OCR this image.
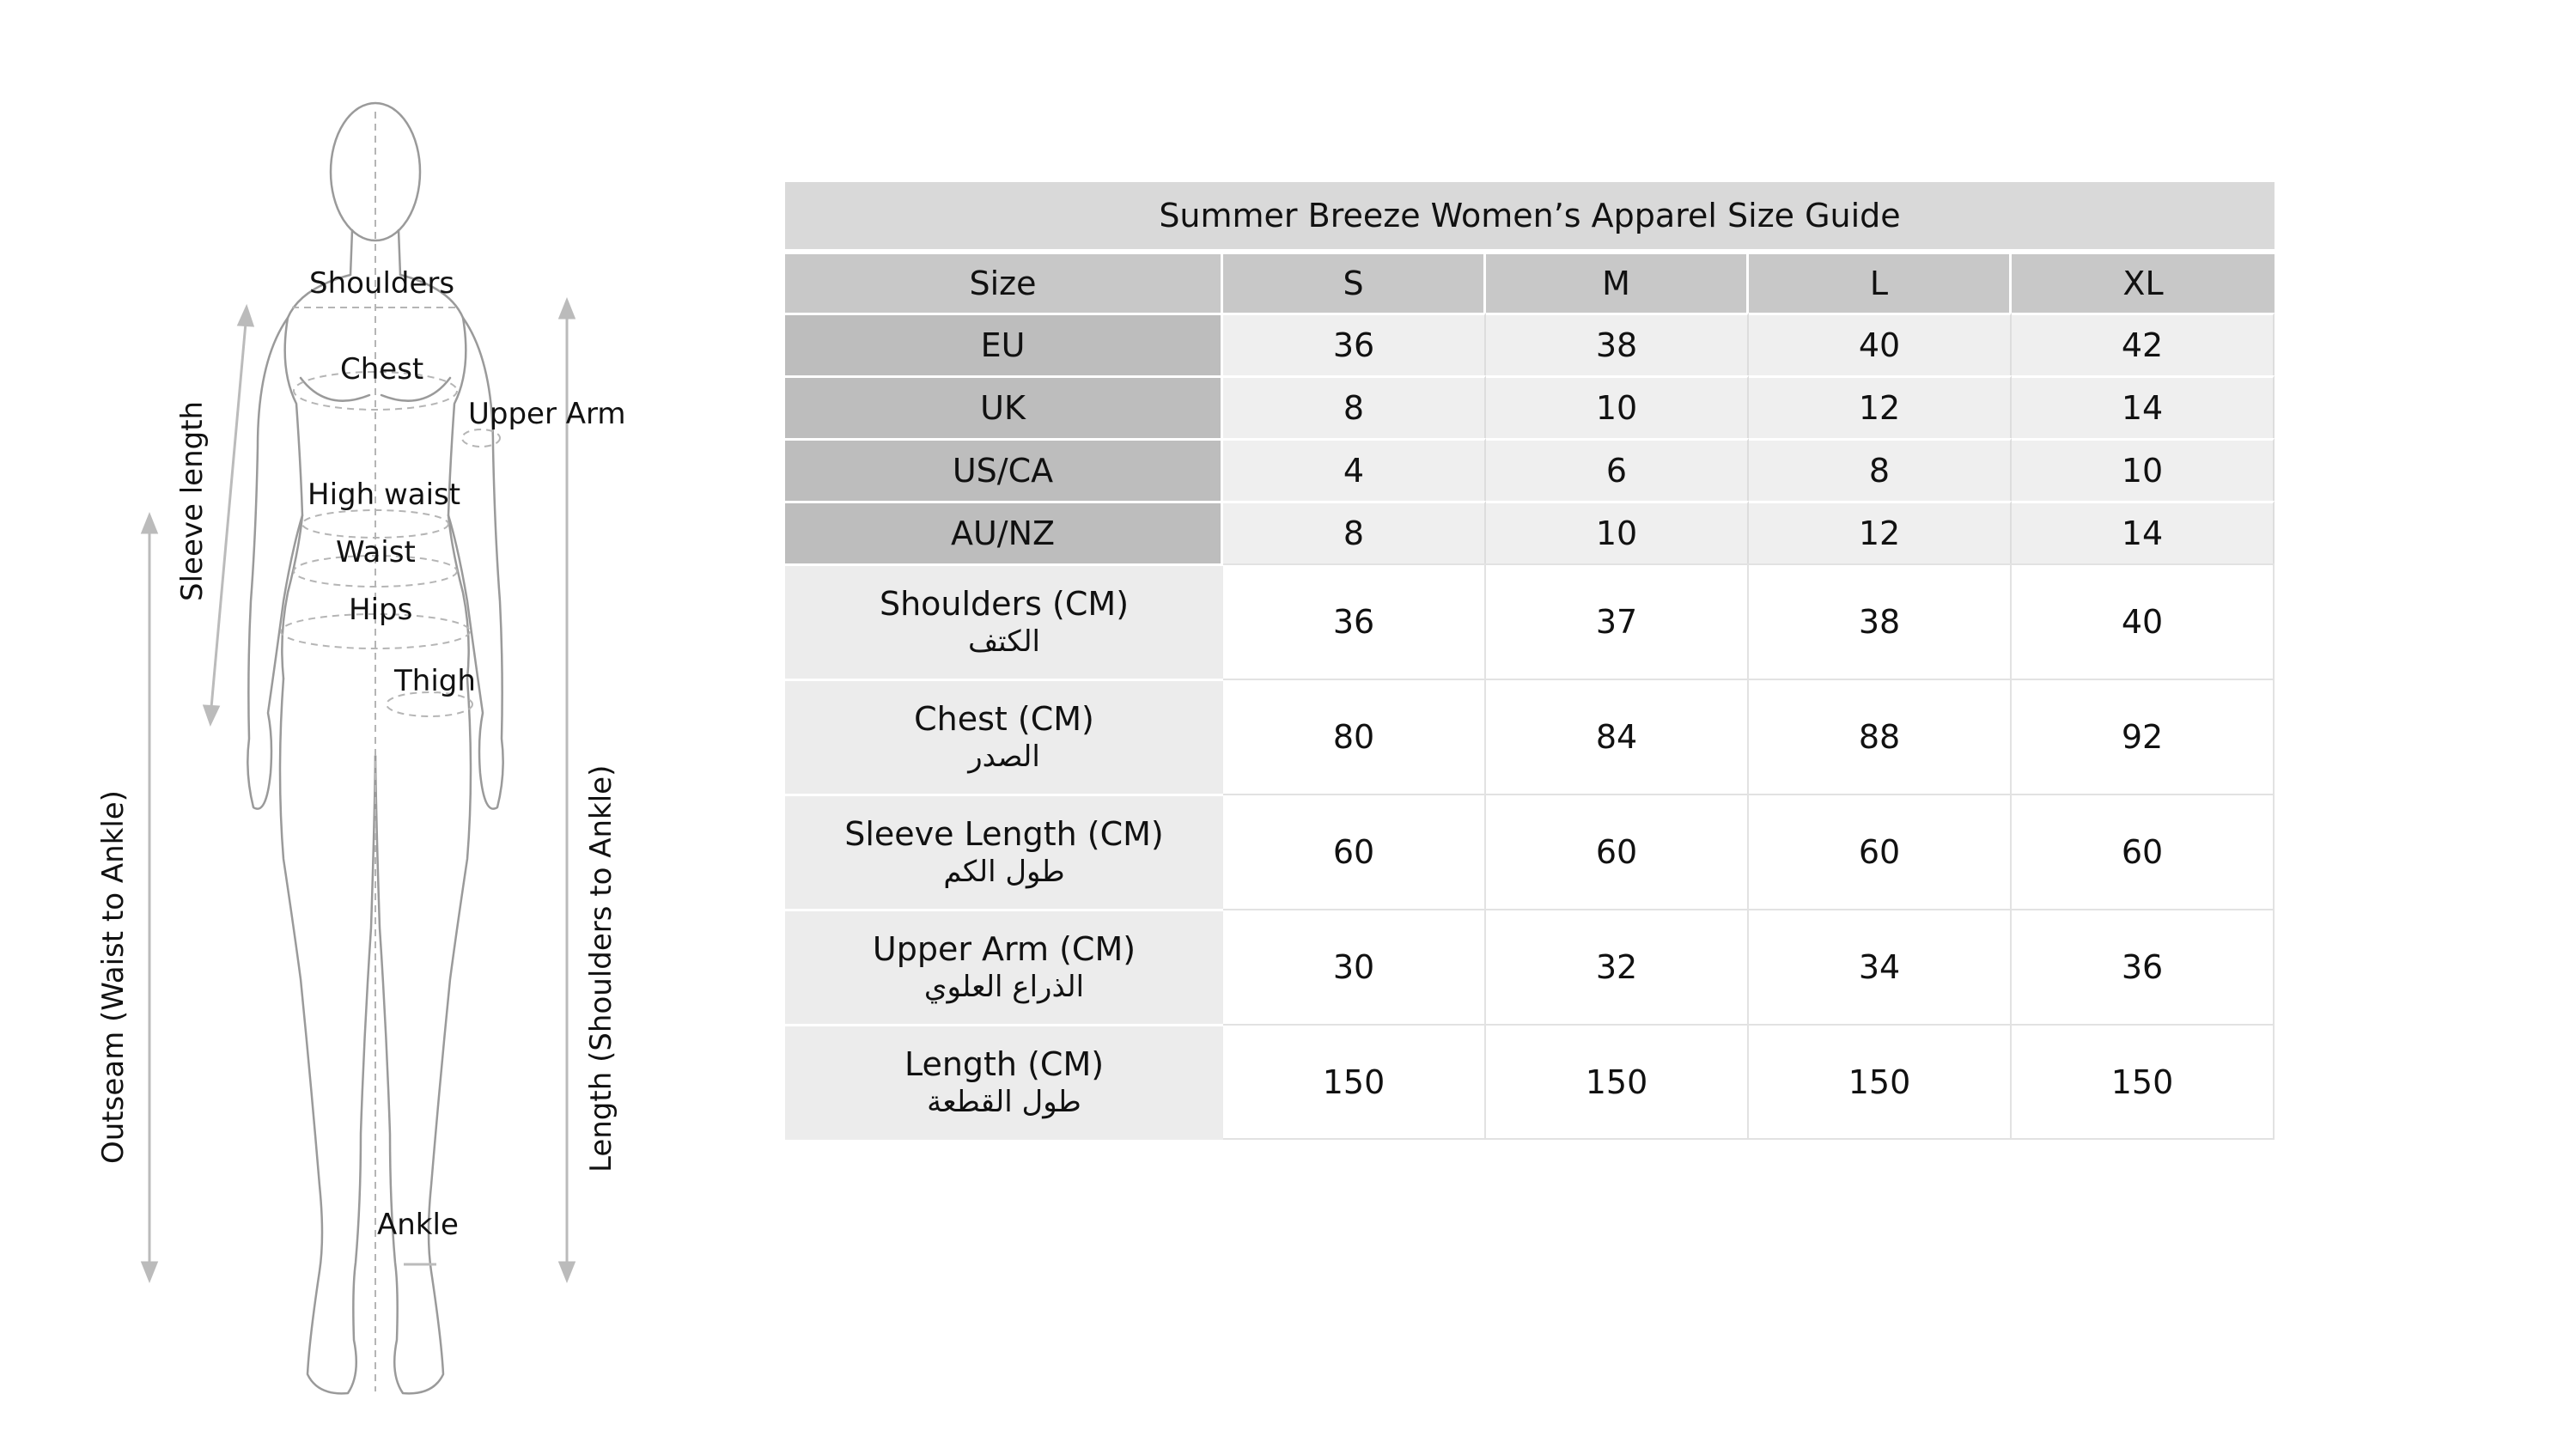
Shoulders
Chest
Upper Arm
High waist
Waist
Hips
Thigh
Ankle
Sleeve length
Outseam (Waist to Ankle)	Length (Shoulders to Ankle)
Summer Breeze Women’s Apparel Size Guide				

Size	S	M	L	XL
EU	36	38	40	42
UK	8	10	12	14
US/CA	4	6	8	10
AU/NZ	8	10	12	14
Shoulders (CM)
الكتف	36	37	38	40
Chest (CM)
الصدر	80	84	88	92
Sleeve Length (CM)
طول الكم	60	60	60	60
Upper Arm (CM)
الذراع العلوي	30	32	34	36
Length (CM)
طول القطعة	150	150	150	150
